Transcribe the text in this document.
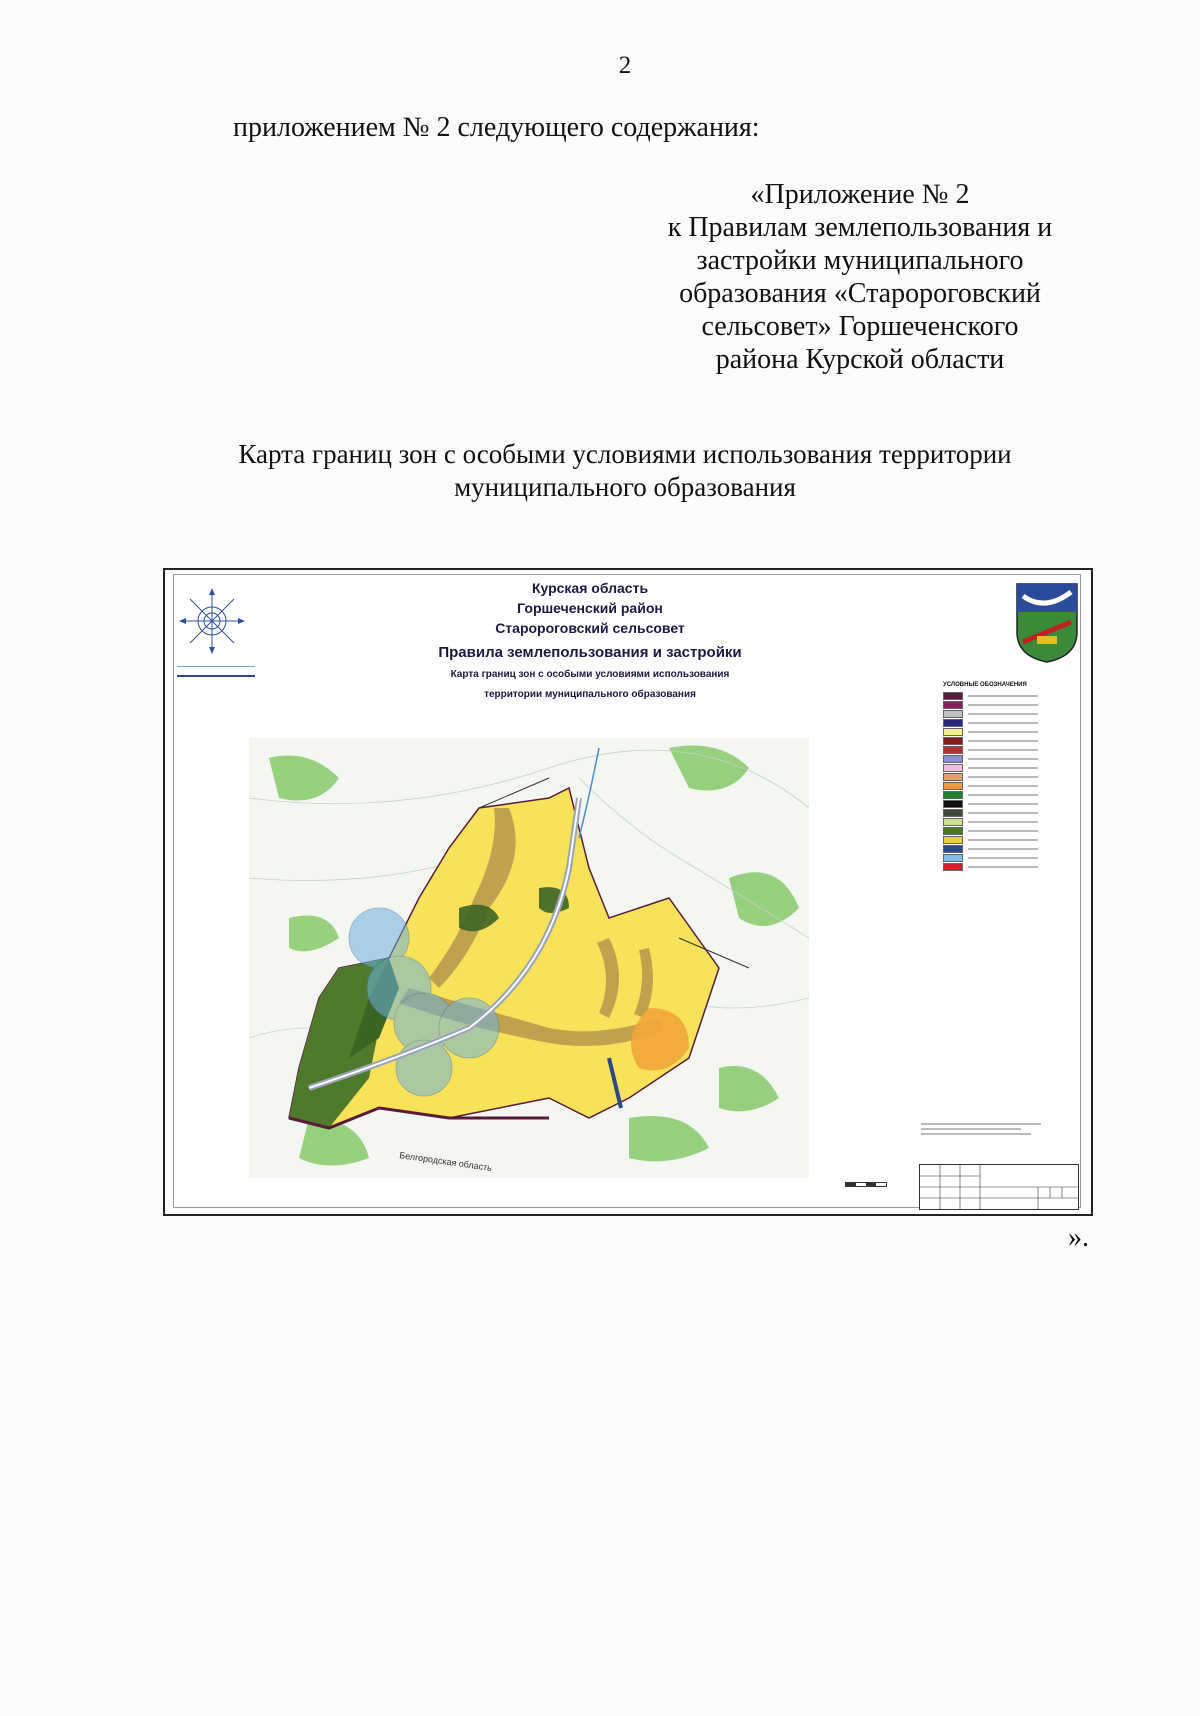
2
приложением № 2 следующего содержания:
«Приложение № 2
к Правилам землепользования и
застройки муниципального
образования «Старороговский
сельсовет» Горшеченского
района Курской области
Карта границ зон с особыми условиями использования территории
муниципального образования
Курская область
Горшеченский район
Старороговский сельсовет
Правила землепользования и застройки
Карта границ зон с особыми условиями использования
территории муниципального образования
Белгородская область
УСЛОВНЫЕ ОБОЗНАЧЕНИЯ
».
